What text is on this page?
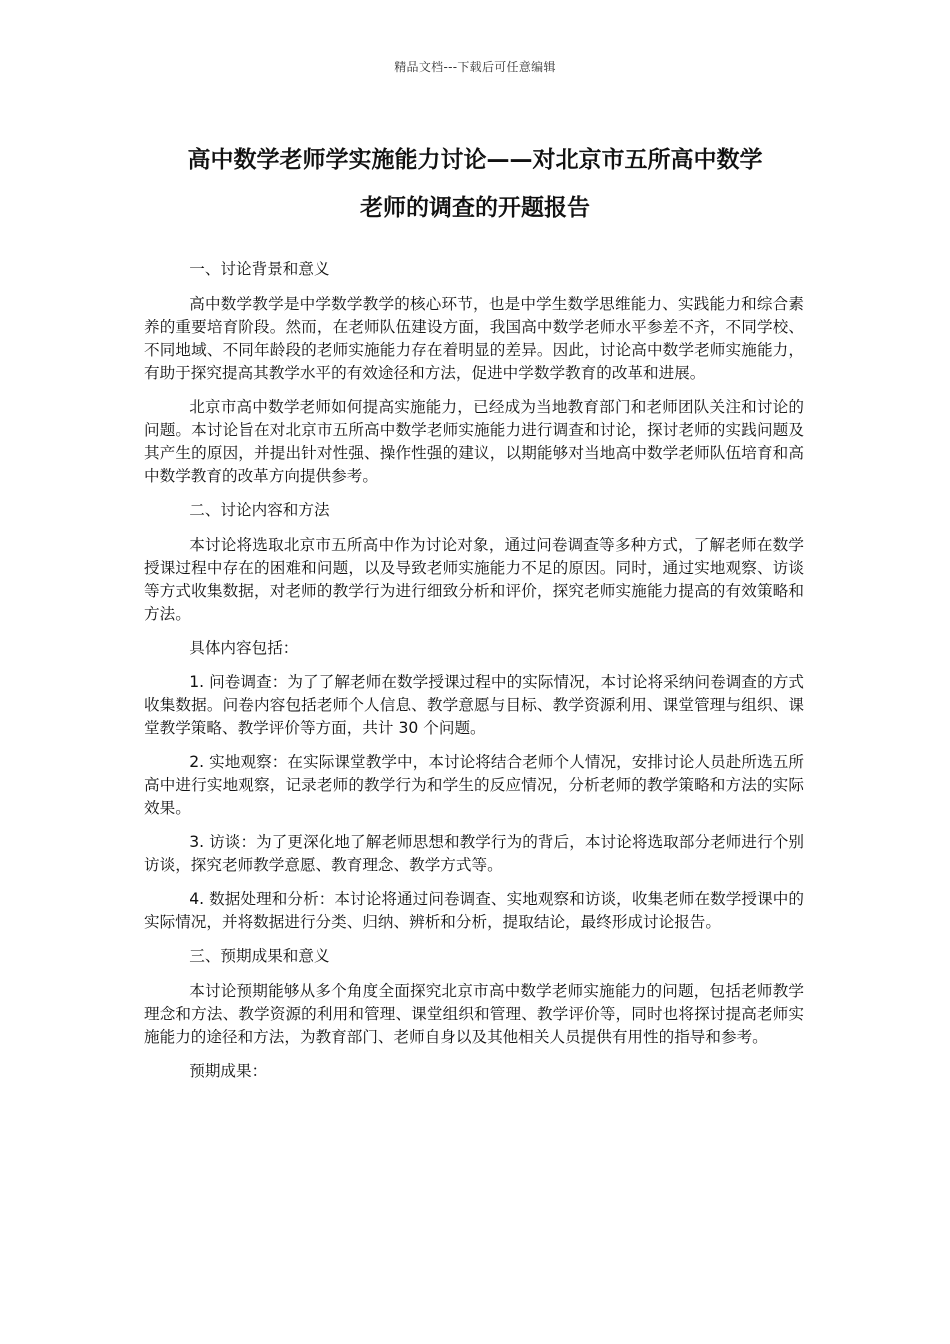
精品文档---下载后可任意编辑
高中数学老师学实施能力讨论——对北京市五所高中数学
老师的调查的开题报告

一、讨论背景和意义

高中数学教学是中学数学教学的核心环节，也是中学生数学思维能力、实践能力和综合素养的重要培育阶段。然而，在老师队伍建设方面，我国高中数学老师水平参差不齐，不同学校、不同地域、不同年龄段的老师实施能力存在着明显的差异。因此，讨论高中数学老师实施能力，有助于探究提高其教学水平的有效途径和方法，促进中学数学教育的改革和进展。

北京市高中数学老师如何提高实施能力，已经成为当地教育部门和老师团队关注和讨论的问题。本讨论旨在对北京市五所高中数学老师实施能力进行调查和讨论，探讨老师的实践问题及其产生的原因，并提出针对性强、操作性强的建议，以期能够对当地高中数学老师队伍培育和高中数学教育的改革方向提供参考。

二、讨论内容和方法

本讨论将选取北京市五所高中作为讨论对象，通过问卷调查等多种方式，了解老师在数学授课过程中存在的困难和问题，以及导致老师实施能力不足的原因。同时，通过实地观察、访谈等方式收集数据，对老师的教学行为进行细致分析和评价，探究老师实施能力提高的有效策略和方法。

具体内容包括：

1. 问卷调查：为了了解老师在数学授课过程中的实际情况，本讨论将采纳问卷调查的方式收集数据。问卷内容包括老师个人信息、教学意愿与目标、教学资源利用、课堂管理与组织、课堂教学策略、教学评价等方面，共计 30 个问题。

2. 实地观察：在实际课堂教学中，本讨论将结合老师个人情况，安排讨论人员赴所选五所高中进行实地观察，记录老师的教学行为和学生的反应情况，分析老师的教学策略和方法的实际效果。

3. 访谈：为了更深化地了解老师思想和教学行为的背后，本讨论将选取部分老师进行个别访谈，探究老师教学意愿、教育理念、教学方式等。

4. 数据处理和分析：本讨论将通过问卷调查、实地观察和访谈，收集老师在数学授课中的实际情况，并将数据进行分类、归纳、辨析和分析，提取结论，最终形成讨论报告。

三、预期成果和意义

本讨论预期能够从多个角度全面探究北京市高中数学老师实施能力的问题，包括老师教学理念和方法、教学资源的利用和管理、课堂组织和管理、教学评价等，同时也将探讨提高老师实施能力的途径和方法，为教育部门、老师自身以及其他相关人员提供有用性的指导和参考。

预期成果：
